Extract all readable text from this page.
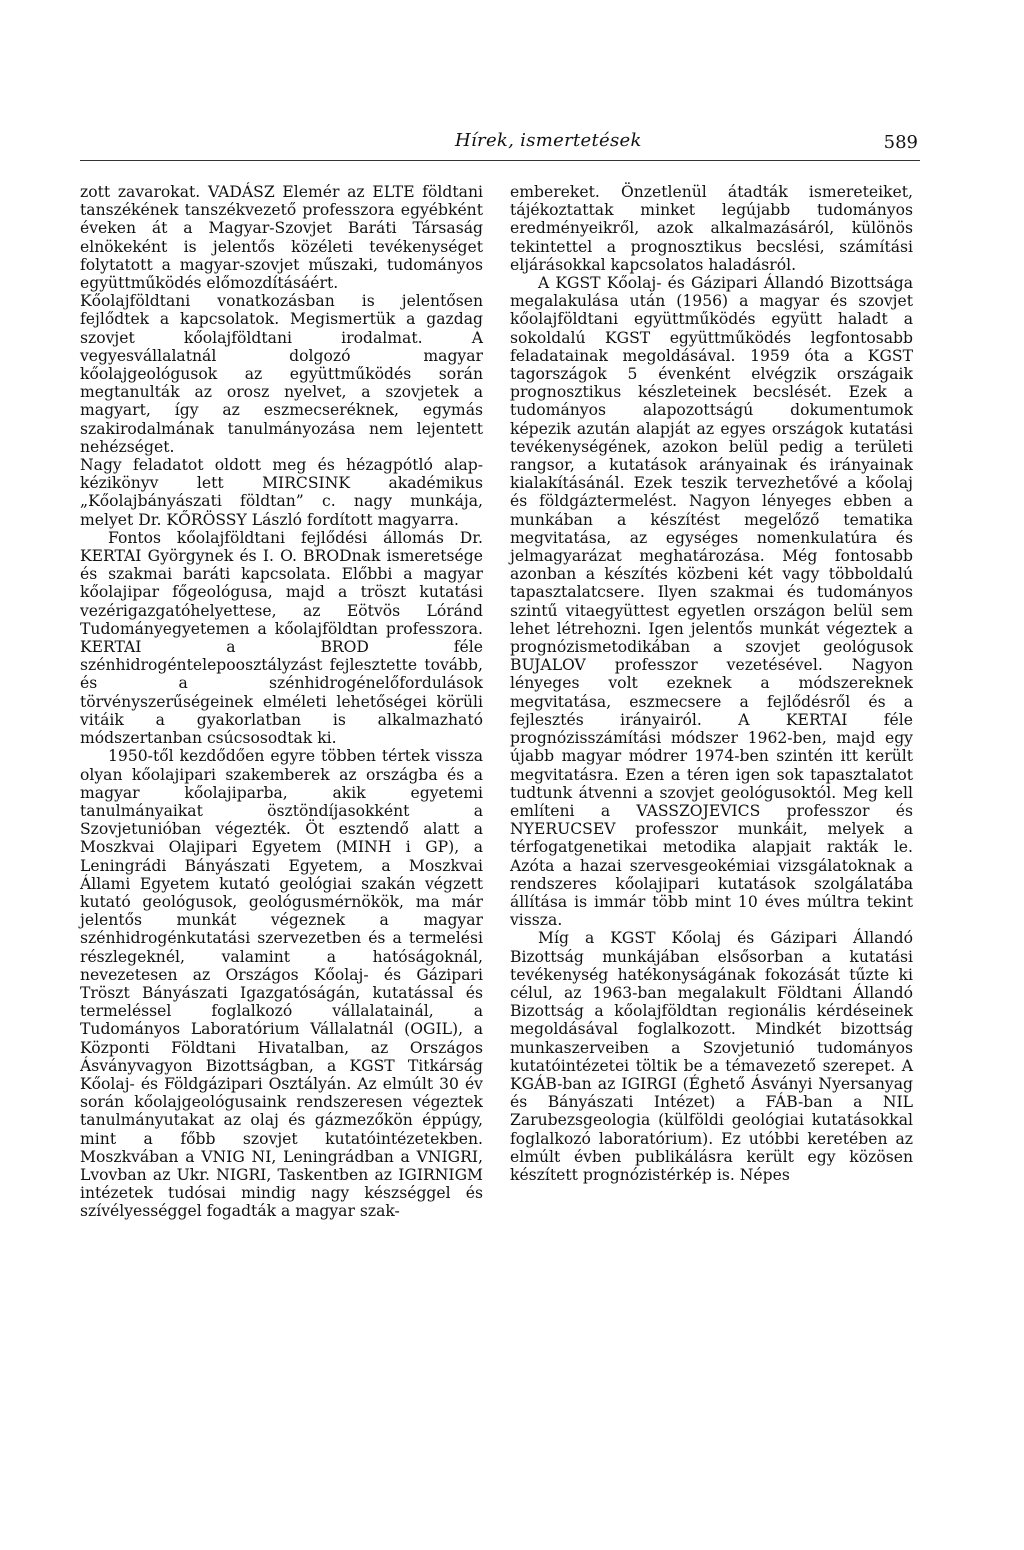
Hírek, ismertetések	589

zott zavarokat. VADÁSZ Elemér az ELTE földtani tanszékének tanszékvezető professzora egyébként éveken át a Magyar-Szovjet Baráti Társaság elnökeként is jelentős közéleti tevékenységet folytatott a magyar-szovjet műszaki, tudományos együttműködés előmozdításáért.

Kőolajföldtani vonatkozásban is jelentősen fejlődtek a kapcsolatok. Megismertük a gazdag szovjet kőolajföldtani irodalmat. A vegyesvállalatnál dolgozó magyar kőolajgeológusok az együttműködés során megtanulták az orosz nyelvet, a szovjetek a magyart, így az eszmecseréknek, egymás szakirodalmának tanulmányozása nem lejentett nehézséget.

Nagy feladatot oldott meg és hézagpótló alap-kézikönyv lett MIRCSINK akadémikus „Kőolajbányászati földtan” c. nagy munkája, melyet Dr. KŐRÖSSY László fordított magyarra.

Fontos kőolajföldtani fejlődési állomás Dr. KERTAI Györgynek és I. O. BRODnak ismeretsége és szakmai baráti kapcsolata. Előbbi a magyar kőolajipar főgeológusa, majd a tröszt kutatási vezérigazgatóhelyettese, az Eötvös Lóránd Tudományegyetemen a kőolajföldtan professzora. KERTAI a BROD féle szénhidrogéntelepoosztályzást fejlesztette tovább, és a szénhidrogénelőfordulások törvényszerűségeinek elméleti lehetőségei körüli vitáik a gyakorlatban is alkalmazható módszertanban csúcsosodtak ki.

1950-től kezdődően egyre többen tértek vissza olyan kőolajipari szakemberek az országba és a magyar kőolajiparba, akik egyetemi tanulmányaikat ösztöndíjasokként a Szovjetunióban végezték. Öt esztendő alatt a Moszkvai Olajipari Egyetem (MINH i GP), a Leningrádi Bányászati Egyetem, a Moszkvai Állami Egyetem kutató geológiai szakán végzett kutató geológusok, geológusmérnökök, ma már jelentős munkát végeznek a magyar szénhidrogénkutatási szervezetben és a termelési részlegeknél, valamint a hatóságoknál, nevezetesen az Országos Kőolaj- és Gázipari Tröszt Bányászati Igazgatóságán, kutatással és termeléssel foglalkozó vállalatainál, a Tudományos Laboratórium Vállalatnál (OGIL), a Központi Földtani Hivatalban, az Országos Ásványvagyon Bizottságban, a KGST Titkárság Kőolaj- és Földgázipari Osztályán. Az elmúlt 30 év során kőolajgeológusaink rendszeresen végeztek tanulmányutakat az olaj és gázmezőkön éppúgy, mint a főbb szovjet kutatóintézetekben. Moszkvában a VNIG NI, Leningrádban a VNIGRI, Lvovban az Ukr. NIGRI, Taskentben az IGIRNIGM intézetek tudósai mindig nagy készséggel és szívélyességgel fogadták a magyar szak-

embereket. Önzetlenül átadták ismereteiket, tájékoztattak minket legújabb tudományos eredményeikről, azok alkalmazásáról, különös tekintettel a prognosztikus becslési, számítási eljárásokkal kapcsolatos haladásról.

A KGST Kőolaj- és Gázipari Állandó Bizottsága megalakulása után (1956) a magyar és szovjet kőolajföldtani együttműködés együtt haladt a sokoldalú KGST együttműködés legfontosabb feladatainak megoldásával. 1959 óta a KGST tagországok 5 évenként elvégzik országaik prognosztikus készleteinek becslését. Ezek a tudományos alapozottságú dokumentumok képezik azután alapját az egyes országok kutatási tevékenységének, azokon belül pedig a területi rangsor, a kutatások arányainak és irányainak kialakításánál. Ezek teszik tervezhetővé a kőolaj és földgáztermelést. Nagyon lényeges ebben a munkában a készítést megelőző tematika megvitatása, az egységes nomenkulatúra és jelmagyarázat meghatározása. Még fontosabb azonban a készítés közbeni két vagy többoldalú tapasztalatcsere. Ilyen szakmai és tudományos szintű vitaegyüttest egyetlen országon belül sem lehet létrehozni. Igen jelentős munkát végeztek a prognózismetodikában a szovjet geológusok BUJALOV professzor vezetésével. Nagyon lényeges volt ezeknek a módszereknek megvitatása, eszmecsere a fejlődésről és a fejlesztés irányairól. A KERTAI féle prognózisszámítási módszer 1962-ben, majd egy újabb magyar módrer 1974-ben szintén itt került megvitatásra. Ezen a téren igen sok tapasztalatot tudtunk átvenni a szovjet geológusoktól. Meg kell említeni a VASSZOJEVICS professzor és NYERUCSEV professzor munkáit, melyek a térfogatgenetikai metodika alapjait rakták le. Azóta a hazai szervesgeokémiai vizsgálatoknak a rendszeres kőolajipari kutatások szolgálatába állítása is immár több mint 10 éves múltra tekint vissza.

Míg a KGST Kőolaj és Gázipari Állandó Bizottság munkájában elsősorban a kutatási tevékenység hatékonyságának fokozását tűzte ki célul, az 1963-ban megalakult Földtani Állandó Bizottság a kőolajföldtan regionális kérdéseinek megoldásával foglalkozott. Mindkét bizottság munkaszerveiben a Szovjetunió tudományos kutatóintézetei töltik be a témavezető szerepet. A KGÁB-ban az IGIRGI (Éghető Ásványi Nyersanyag és Bányászati Intézet) a FÁB-ban a NIL Zarubezsgeologia (külföldi geológiai kutatásokkal foglalkozó laboratórium). Ez utóbbi keretében az elmúlt évben publikálásra került egy közösen készített prognózistérkép is. Népes
